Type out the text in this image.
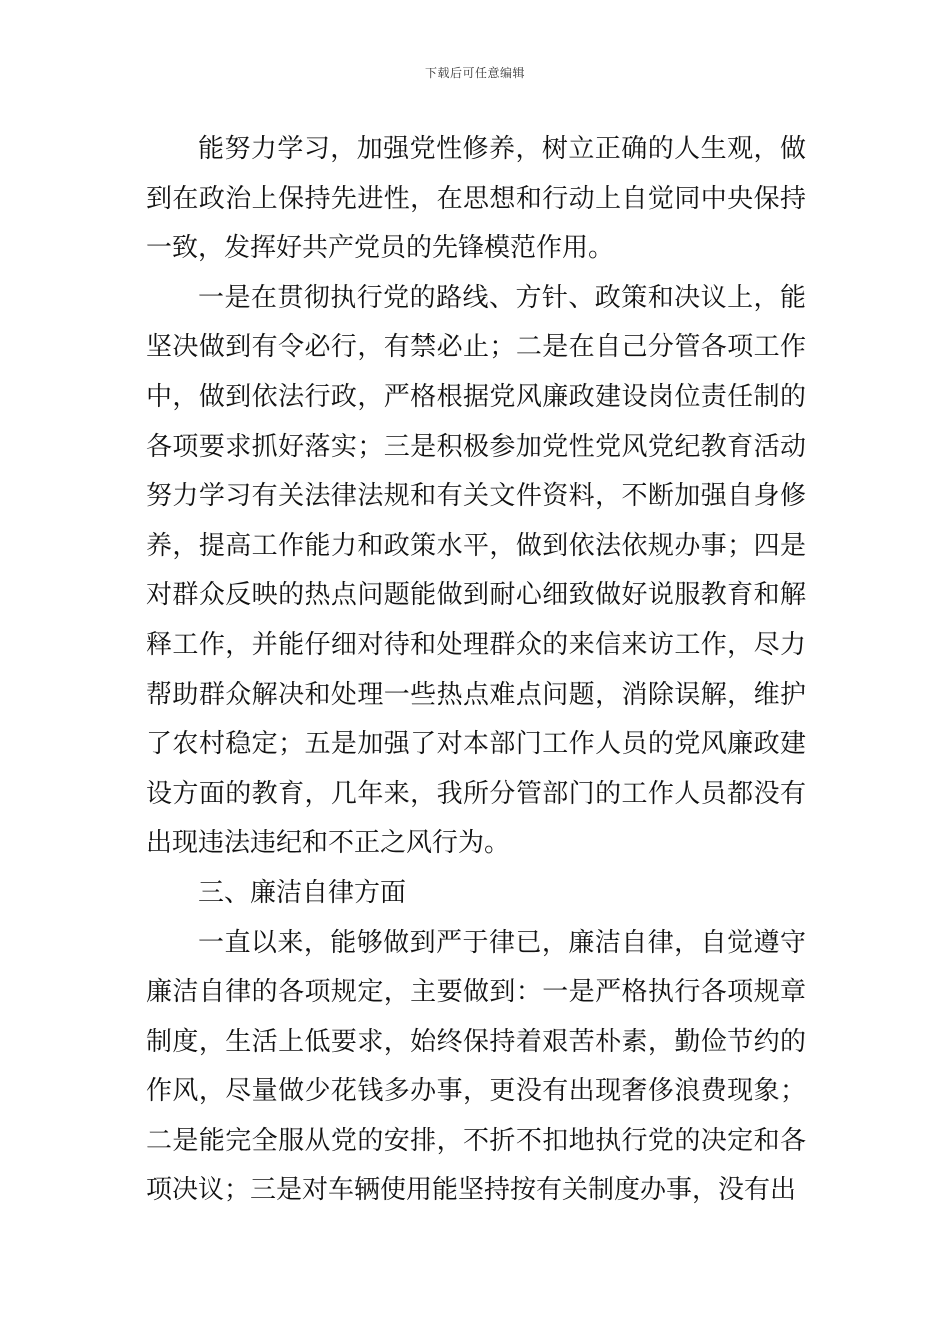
下载后可任意编辑

能努力学习，加强党性修养，树立正确的人生观，做到在政治上保持先进性，在思想和行动上自觉同中央保持一致，发挥好共产党员的先锋模范作用。

一是在贯彻执行党的路线、方针、政策和决议上，能坚决做到有令必行，有禁必止；二是在自己分管各项工作中，做到依法行政，严格根据党风廉政建设岗位责任制的各项要求抓好落实；三是积极参加党性党风党纪教育活动努力学习有关法律法规和有关文件资料，不断加强自身修养，提高工作能力和政策水平，做到依法依规办事；四是对群众反映的热点问题能做到耐心细致做好说服教育和解释工作，并能仔细对待和处理群众的来信来访工作，尽力帮助群众解决和处理一些热点难点问题，消除误解，维护了农村稳定；五是加强了对本部门工作人员的党风廉政建设方面的教育，几年来，我所分管部门的工作人员都没有出现违法违纪和不正之风行为。

三、廉洁自律方面

一直以来，能够做到严于律已，廉洁自律，自觉遵守廉洁自律的各项规定，主要做到：一是严格执行各项规章制度，生活上低要求，始终保持着艰苦朴素，勤俭节约的作风，尽量做少花钱多办事，更没有出现奢侈浪费现象；二是能完全服从党的安排，不折不扣地执行党的决定和各项决议；三是对车辆使用能坚持按有关制度办事，没有出
